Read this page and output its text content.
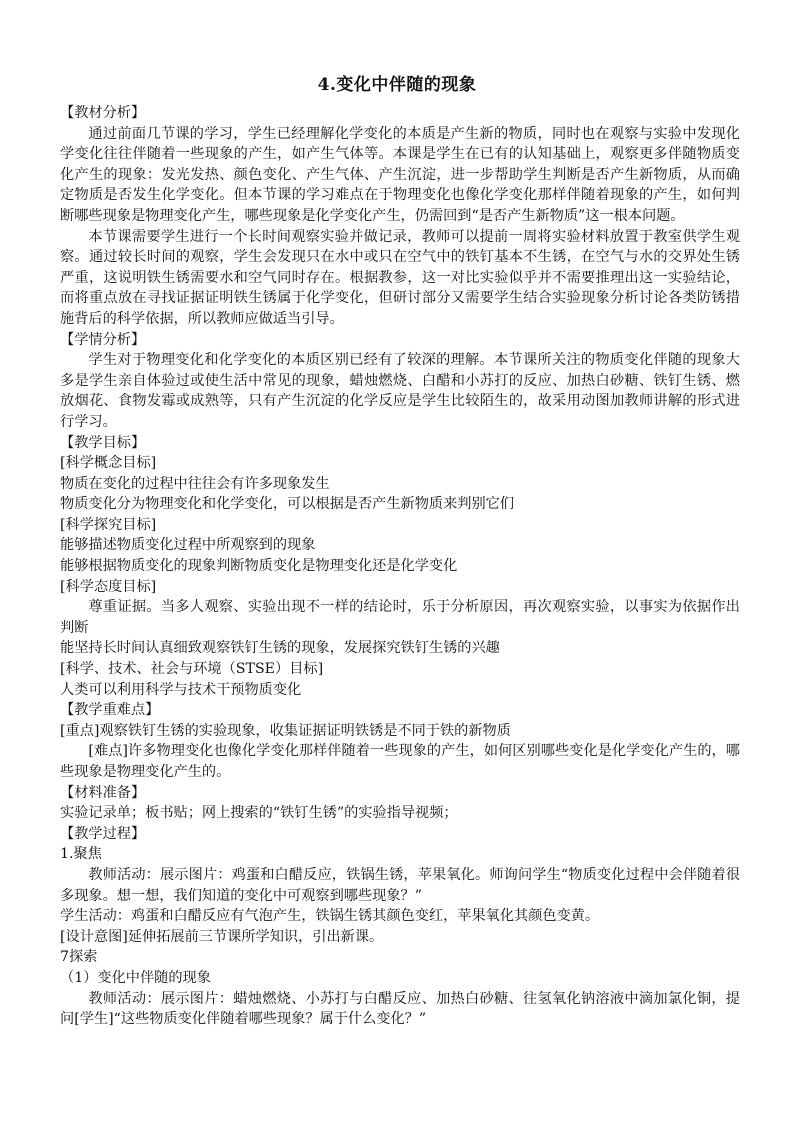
4.变化中伴随的现象

【教材分析】

通过前面几节课的学习，学生已经理解化学变化的本质是产生新的物质，同时也在观察与实验中发现化学变化往往伴随着一些现象的产生，如产生气体等。本课是学生在已有的认知基础上，观察更多伴随物质变化产生的现象：发光发热、颜色变化、产生气体、产生沉淀，进一步帮助学生判断是否产生新物质，从而确定物质是否发生化学变化。但本节课的学习难点在于物理变化也像化学变化那样伴随着现象的产生，如何判断哪些现象是物理变化产生，哪些现象是化学变化产生，仍需回到“是否产生新物质”这一根本问题。

本节课需要学生进行一个长时间观察实验并做记录，教师可以提前一周将实验材料放置于教室供学生观察。通过较长时间的观察，学生会发现只在水中或只在空气中的铁钉基本不生锈，在空气与水的交界处生锈严重，这说明铁生锈需要水和空气同时存在。根据教参，这一对比实验似乎并不需要推理出这一实验结论，而将重点放在寻找证据证明铁生锈属于化学变化，但研讨部分又需要学生结合实验现象分析讨论各类防锈措施背后的科学依据，所以教师应做适当引导。

【学情分析】

学生对于物理变化和化学变化的本质区别已经有了较深的理解。本节课所关注的物质变化伴随的现象大多是学生亲自体验过或使生活中常见的现象，蜡烛燃烧、白醋和小苏打的反应、加热白砂糖、铁钉生锈、燃放烟花、食物发霉或成熟等，只有产生沉淀的化学反应是学生比较陌生的，故采用动图加教师讲解的形式进行学习。

【教学目标】

[科学概念目标]

物质在变化的过程中往往会有许多现象发生

物质变化分为物理变化和化学变化，可以根据是否产生新物质来判别它们

[科学探究目标]

能够描述物质变化过程中所观察到的现象

能够根据物质变化的现象判断物质变化是物理变化还是化学变化

[科学态度目标]

尊重证据。当多人观察、实验出现不一样的结论时，乐于分析原因，再次观察实验，以事实为依据作出判断

能坚持长时间认真细致观察铁钉生锈的现象，发展探究铁钉生锈的兴趣

[科学、技术、社会与环境（STSE）目标]

人类可以利用科学与技术干预物质变化

【教学重难点】

[重点]观察铁钉生锈的实验现象，收集证据证明铁锈是不同于铁的新物质

[难点]许多物理变化也像化学变化那样伴随着一些现象的产生，如何区别哪些变化是化学变化产生的，哪些现象是物理变化产生的。

【材料准备】

实验记录单；板书贴；网上搜索的“铁钉生锈”的实验指导视频；

【教学过程】

1.聚焦

教师活动：展示图片：鸡蛋和白醋反应，铁锅生锈，苹果氧化。师询问学生“物质变化过程中会伴随着很多现象。想一想，我们知道的变化中可观察到哪些现象？”

学生活动：鸡蛋和白醋反应有气泡产生，铁锅生锈其颜色变红，苹果氧化其颜色变黄。

[设计意图]延伸拓展前三节课所学知识，引出新课。

7探索

（1）变化中伴随的现象

教师活动：展示图片：蜡烛燃烧、小苏打与白醋反应、加热白砂糖、往氢氧化钠溶液中滴加氯化铜，提问[学生]“这些物质变化伴随着哪些现象？属于什么变化？”
